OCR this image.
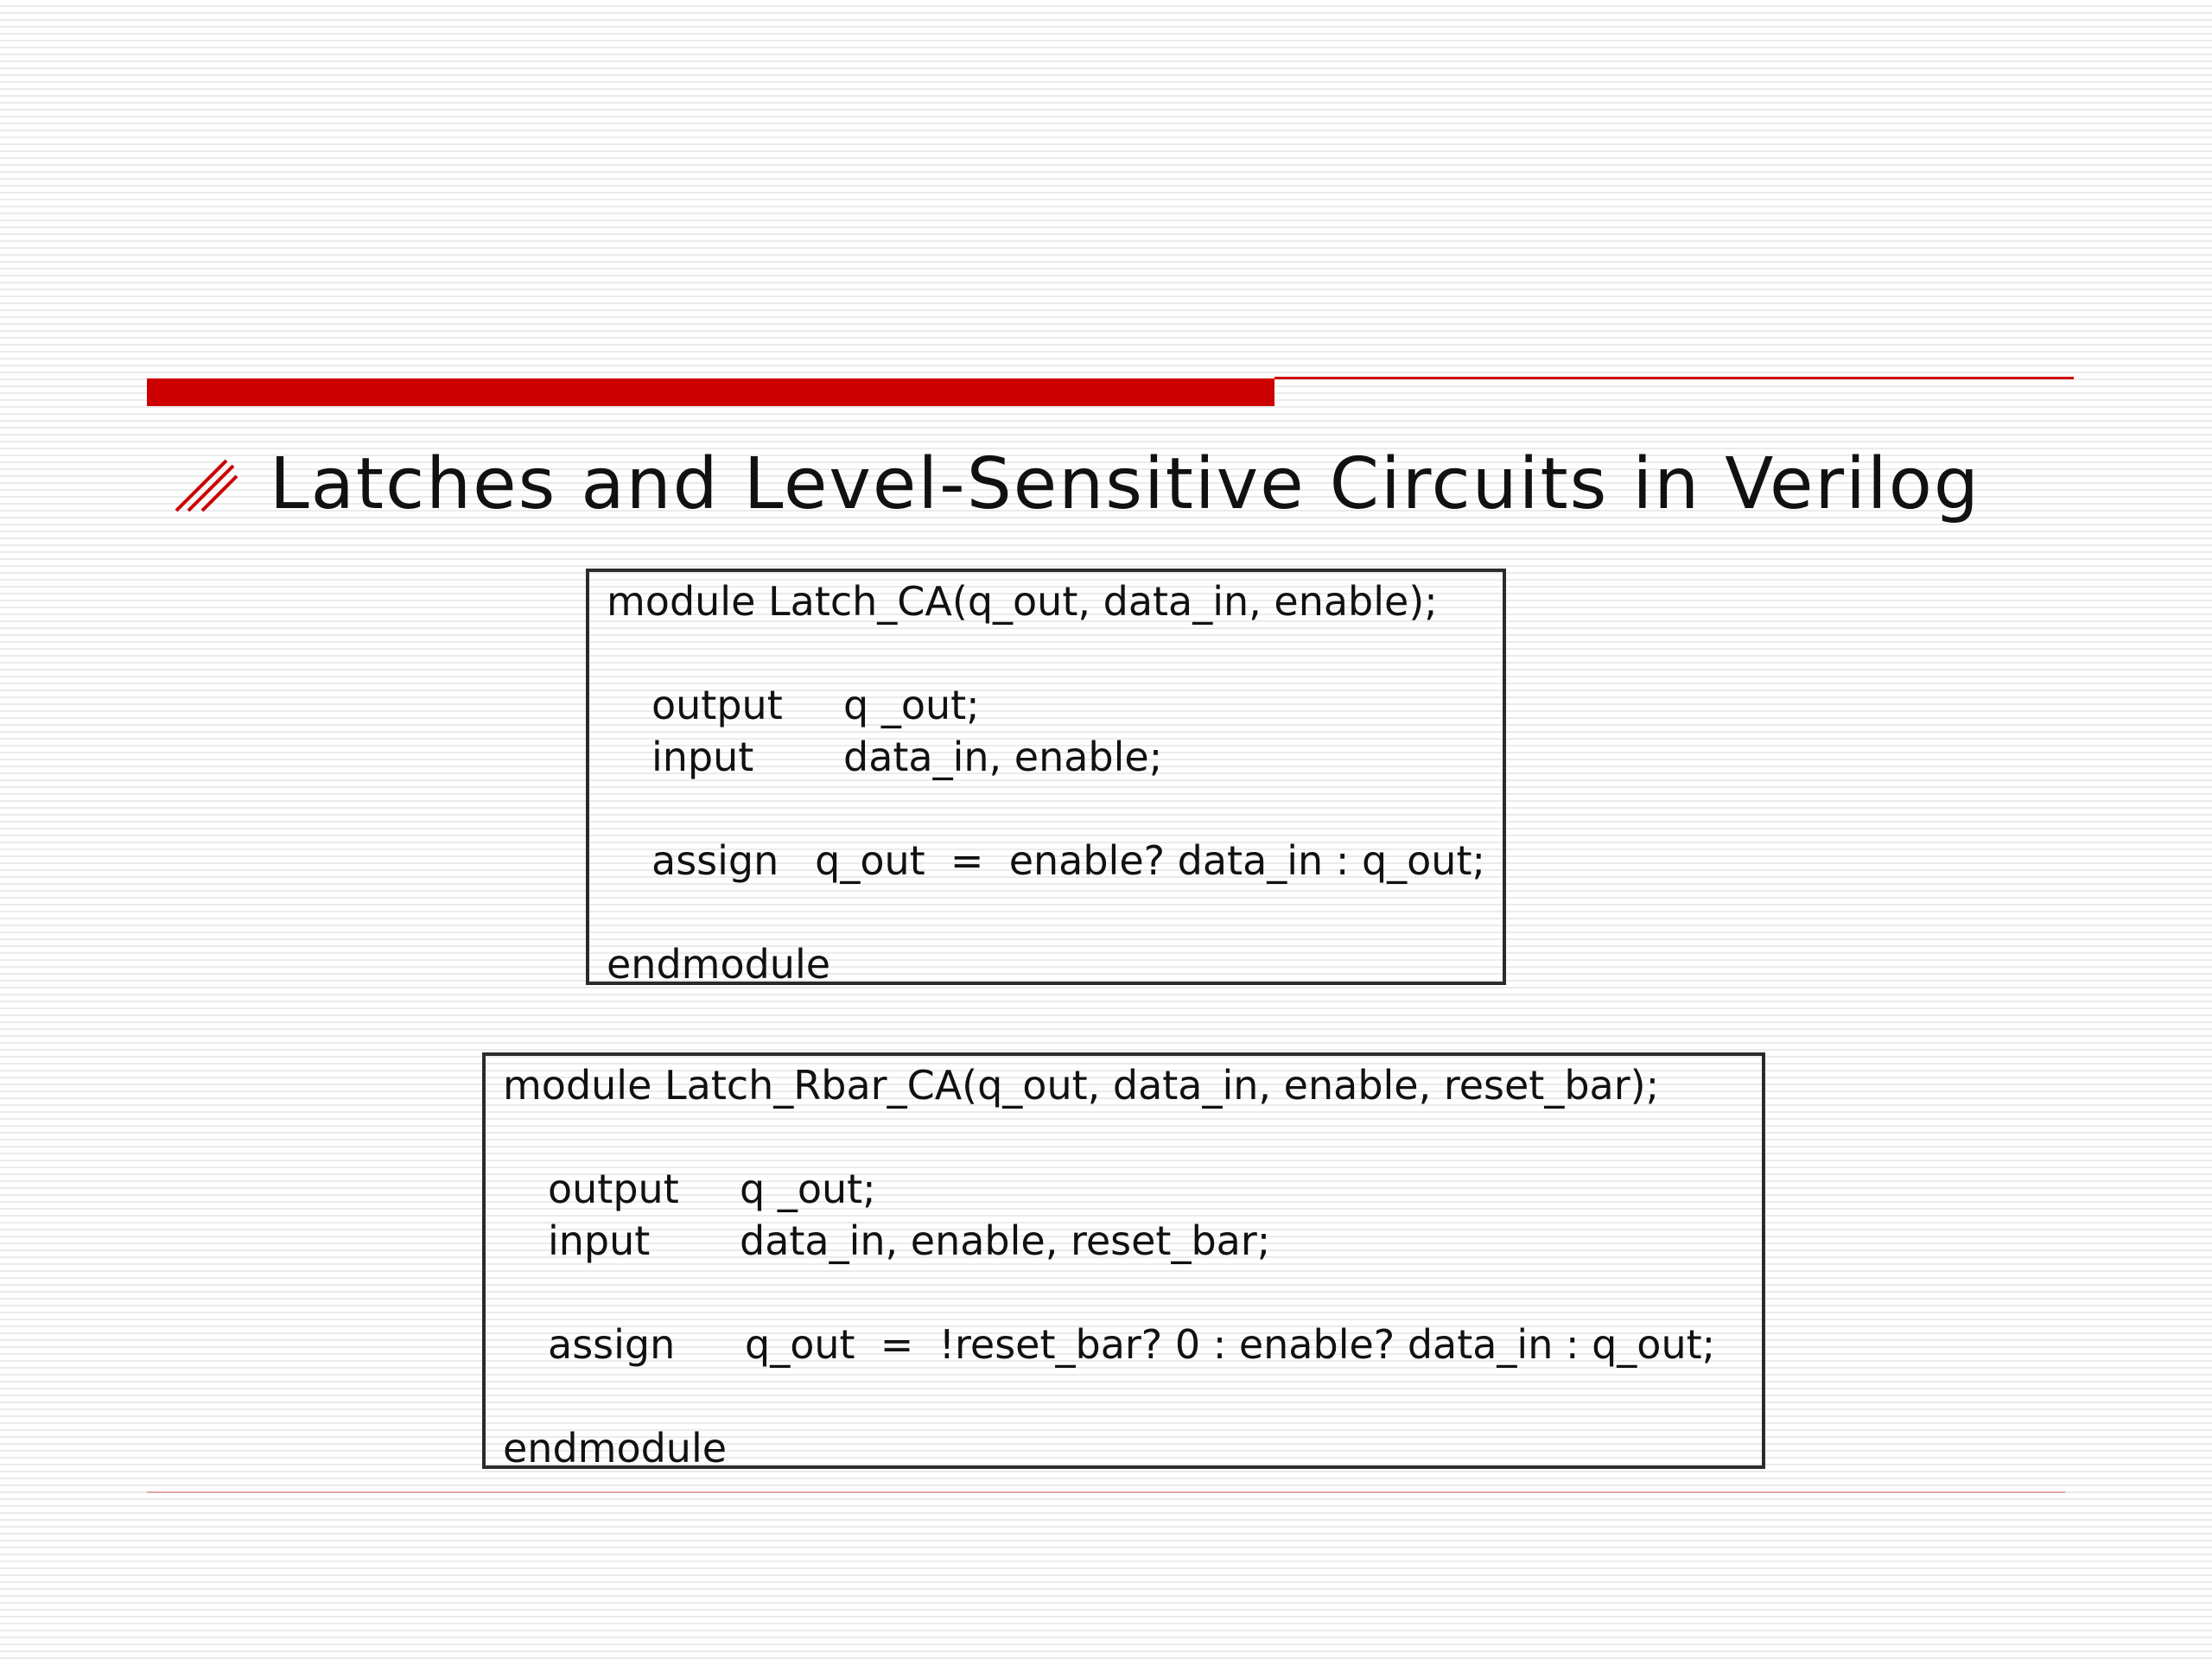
Latches and Level-Sensitive Circuits in Verilog
module Latch_CA(q_out, data_in, enable);
output	q _out;
input	data_in, enable;
assign q_out  =  enable? data_in : q_out;
endmodule
module Latch_Rbar_CA(q_out, data_in, enable, reset_bar);
output	q _out;
input	data_in, enable, reset_bar;
assign	q_out  =  !reset_bar? 0 : enable? data_in : q_out;
endmodule
